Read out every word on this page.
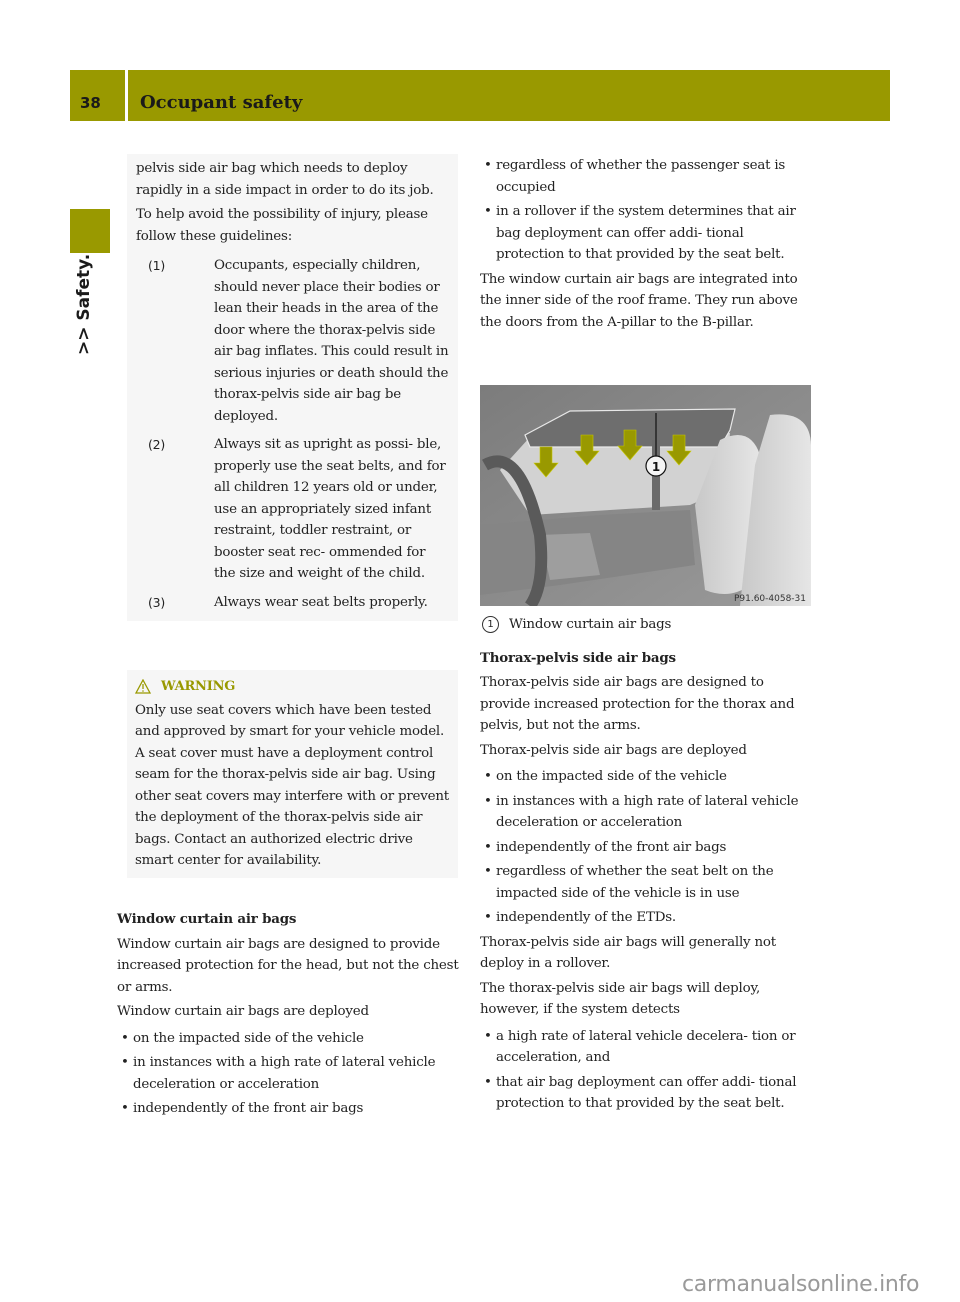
38 Occupant safety
>> Safety.

pelvis side air bag which needs to deploy rapidly in a side impact in order to do its job.

To help avoid the possibility of injury, please follow these guidelines:

(1)	Occupants, especially children, should never place their bodies or lean their heads in the area of the door where the thorax-pelvis side air bag inflates. This could result in serious injuries or death should the thorax-pelvis side air bag be deployed.
(2)	Always sit as upright as possi- ble, properly use the seat belts, and for all children 12 years old or under, use an appropriately sized infant restraint, toddler restraint, or booster seat rec- ommended for the size and weight of the child.
(3)	Always wear seat belts properly.
WARNING
Only use seat covers which have been tested and approved by smart for your vehicle model. A seat cover must have a deployment control seam for the thorax-pelvis side air bag. Using other seat covers may interfere with or prevent the deployment of the thorax-pelvis side air bags. Contact an authorized electric drive smart center for availability.
Window curtain air bags

Window curtain air bags are designed to provide increased protection for the head, but not the chest or arms.

Window curtain air bags are deployed

• on the impacted side of the vehicle
• in instances with a high rate of lateral vehicle deceleration or acceleration
• independently of the front air bags
• regardless of whether the passenger seat is occupied
• in a rollover if the system determines that air bag deployment can offer addi- tional protection to that provided by the seat belt.

The window curtain air bags are integrated into the inner side of the roof frame. They run above the doors from the A-pillar to the B-pillar.

1
P91.60-4058-31
1	Window curtain air bags
Thorax-pelvis side air bags

Thorax-pelvis side air bags are designed to provide increased protection for the thorax and pelvis, but not the arms.

Thorax-pelvis side air bags are deployed

• on the impacted side of the vehicle
• in instances with a high rate of lateral vehicle deceleration or acceleration
• independently of the front air bags
• regardless of whether the seat belt on the impacted side of the vehicle is in use
• independently of the ETDs.

Thorax-pelvis side air bags will generally not deploy in a rollover.

The thorax-pelvis side air bags will deploy, however, if the system detects

• a high rate of lateral vehicle decelera- tion or acceleration, and
• that air bag deployment can offer addi- tional protection to that provided by the seat belt.
carmanualsonline.info
